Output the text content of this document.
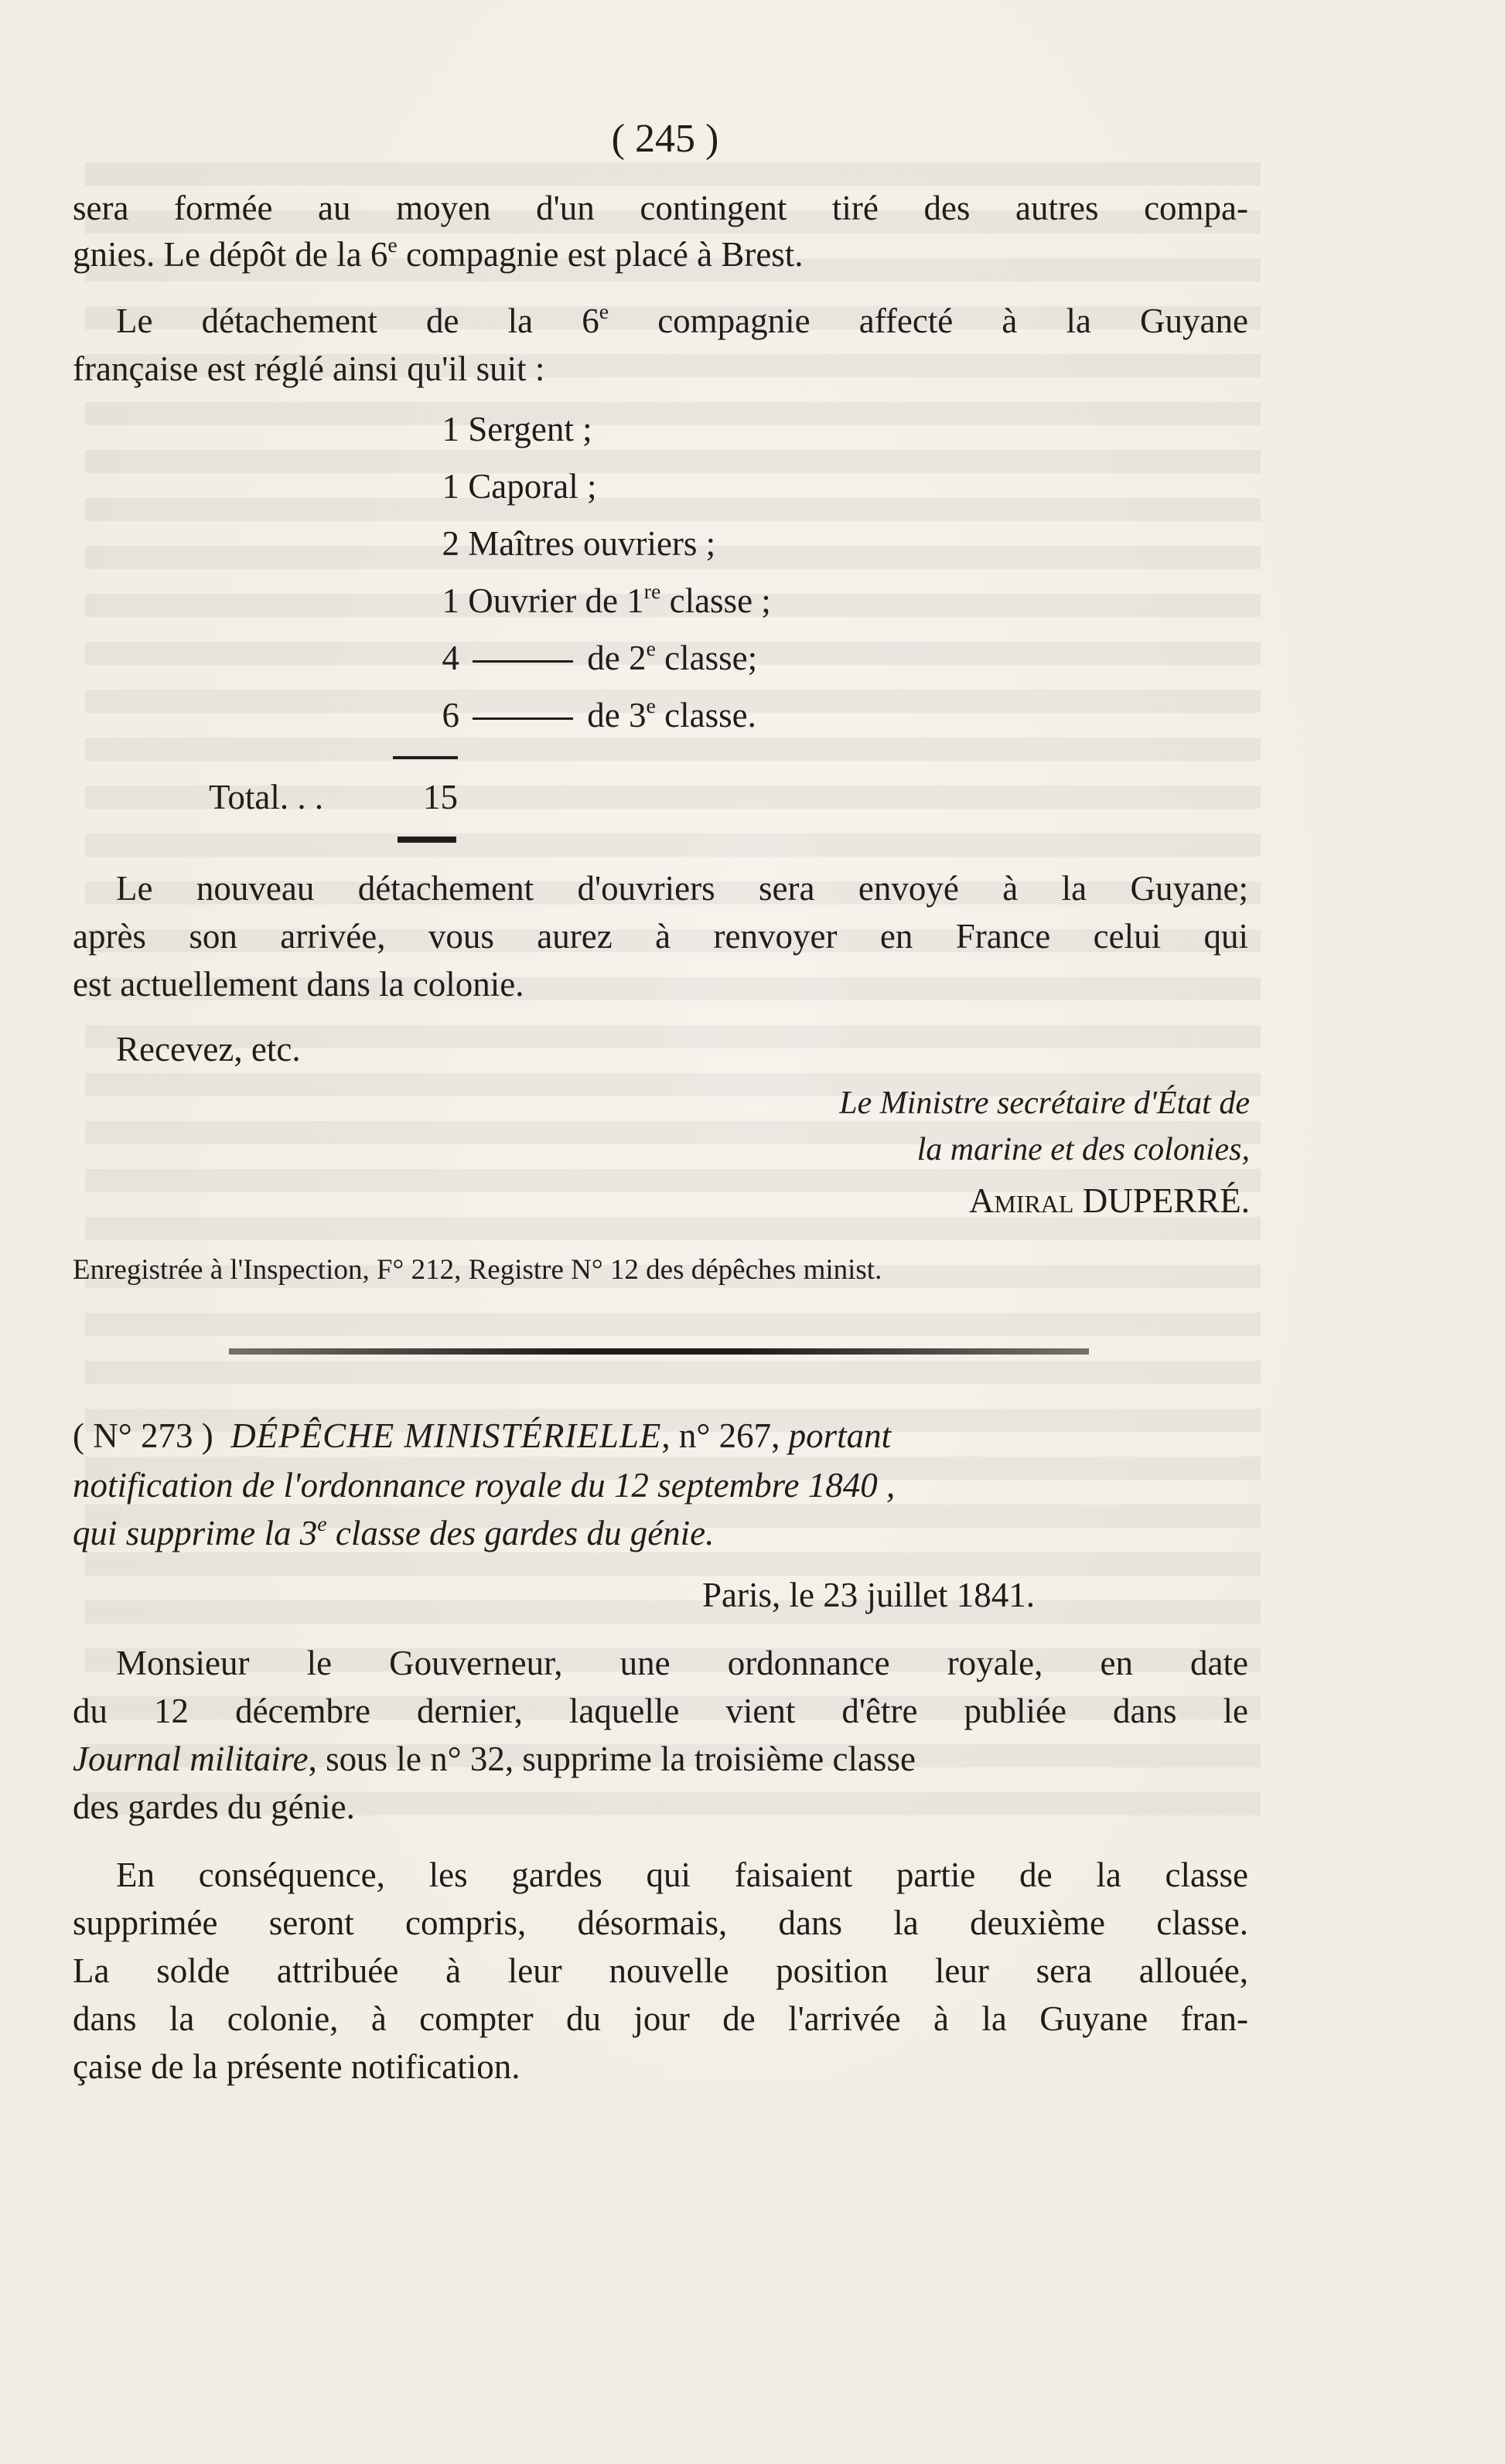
( 245 )
sera formée au moyen d'un contingent tiré des autres compa-
gnies. Le dépôt de la 6e compagnie est placé à Brest.
Le détachement de la 6e compagnie affecté à la Guyane
française est réglé ainsi qu'il suit :
1 Sergent ;
1 Caporal ;
2 Maîtres ouvriers ;
1 Ouvrier de 1re classe ;
4	de 2e classe;
6	de 3e classe.
Total. . .	15
Le nouveau détachement d'ouvriers sera envoyé à la Guyane;
après son arrivée, vous aurez à renvoyer en France celui qui
est actuellement dans la colonie.
Recevez, etc.
Le Ministre secrétaire d'État de
la marine et des colonies,
Amiral DUPERRÉ.
Enregistrée à l'Inspection, F° 212, Registre N° 12 des dépêches minist.
( N° 273 ) DÉPÊCHE MINISTÉRIELLE, n° 267, portant
notification de l'ordonnance royale du 12 septembre 1840 ,
qui supprime la 3e classe des gardes du génie.
Paris, le 23 juillet 1841.
Monsieur le Gouverneur, une ordonnance royale, en date
du 12 décembre dernier, laquelle vient d'être publiée dans le
Journal militaire, sous le n° 32, supprime la troisième classe
des gardes du génie.
En conséquence, les gardes qui faisaient partie de la classe
supprimée seront compris, désormais, dans la deuxième classe.
La solde attribuée à leur nouvelle position leur sera allouée,
dans la colonie, à compter du jour de l'arrivée à la Guyane fran-
çaise de la présente notification.
